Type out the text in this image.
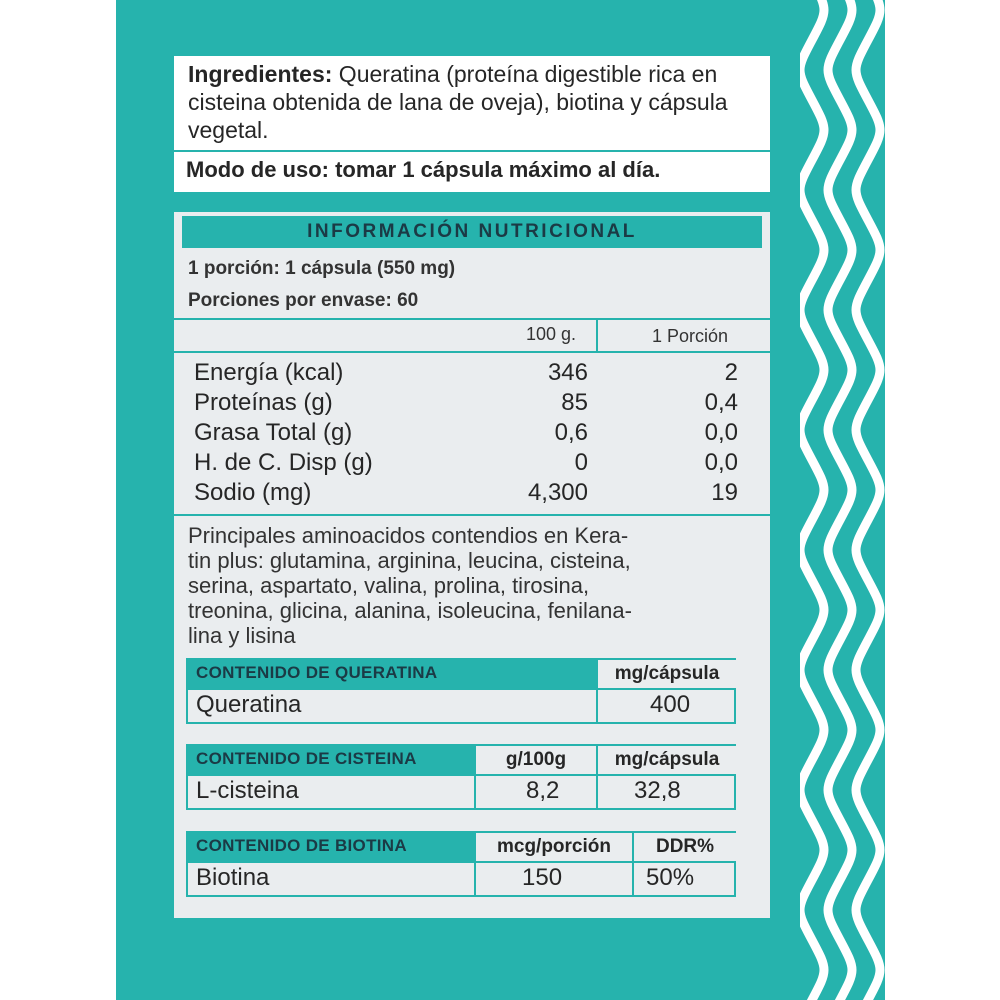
Ingredientes: Queratina (proteína digestible rica en cisteina obtenida de lana de oveja), biotina y cápsula vegetal.
Modo de uso: tomar 1 cápsula máximo al día.
INFORMACIÓN NUTRICIONAL
1 porción: 1 cápsula (550 mg)
Porciones por envase: 60
100 g.	1 Porción
Energía (kcal)	346	2
Proteínas (g)	85	0,4
Grasa Total (g)	0,6	0,0
H. de C. Disp (g)	0	0,0
Sodio (mg)	4,300	19
Principales aminoacidos contendios en Kera-
tin plus: glutamina, arginina, leucina, cisteina,
serina, aspartato, valina, prolina, tirosina,
treonina, glicina, alanina, isoleucina, fenilana-
lina y lisina
CONTENIDO DE QUERATINA	mg/cápsula
Queratina	400
CONTENIDO DE CISTEINA	g/100g	mg/cápsula
L-cisteina	8,2	32,8
CONTENIDO DE BIOTINA	mcg/porción	DDR%
Biotina	150	50%
